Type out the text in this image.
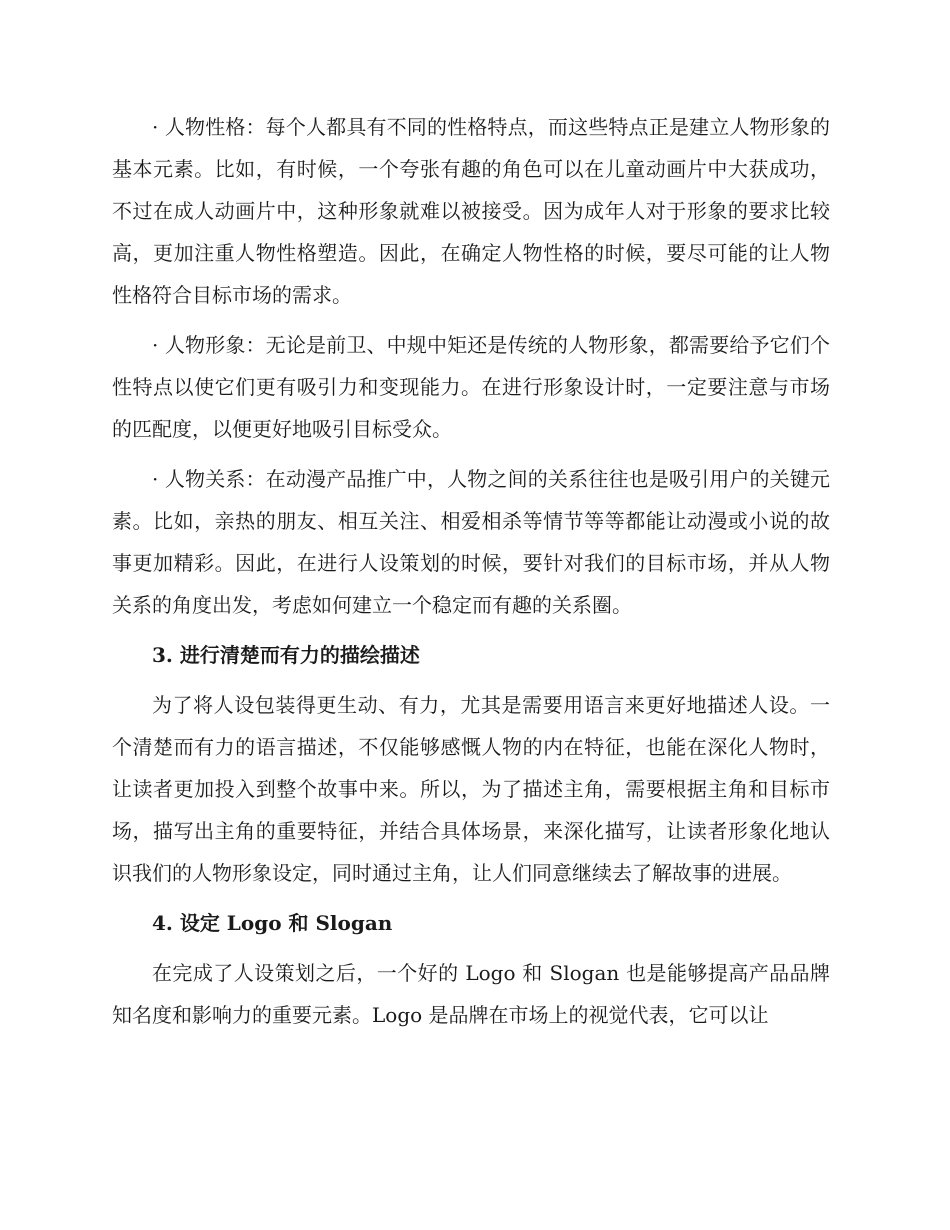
· 人物性格：每个人都具有不同的性格特点，而这些特点正是建立人物形象的基本元素。比如，有时候，一个夸张有趣的角色可以在儿童动画片中大获成功，不过在成人动画片中，这种形象就难以被接受。因为成年人对于形象的要求比较高，更加注重人物性格塑造。因此，在确定人物性格的时候，要尽可能的让人物性格符合目标市场的需求。

· 人物形象：无论是前卫、中规中矩还是传统的人物形象，都需要给予它们个性特点以使它们更有吸引力和变现能力。在进行形象设计时，一定要注意与市场的匹配度，以便更好地吸引目标受众。

· 人物关系：在动漫产品推广中，人物之间的关系往往也是吸引用户的关键元素。比如，亲热的朋友、相互关注、相爱相杀等情节等等都能让动漫或小说的故事更加精彩。因此，在进行人设策划的时候，要针对我们的目标市场，并从人物关系的角度出发，考虑如何建立一个稳定而有趣的关系圈。

3. 进行清楚而有力的描绘描述

为了将人设包装得更生动、有力，尤其是需要用语言来更好地描述人设。一个清楚而有力的语言描述，不仅能够感慨人物的内在特征，也能在深化人物时，让读者更加投入到整个故事中来。所以，为了描述主角，需要根据主角和目标市场，描写出主角的重要特征，并结合具体场景，来深化描写，让读者形象化地认识我们的人物形象设定，同时通过主角，让人们同意继续去了解故事的进展。

4. 设定 Logo 和 Slogan

在完成了人设策划之后，一个好的 Logo 和 Slogan 也是能够提高产品品牌知名度和影响力的重要元素。Logo 是品牌在市场上的视觉代表，它可以让
